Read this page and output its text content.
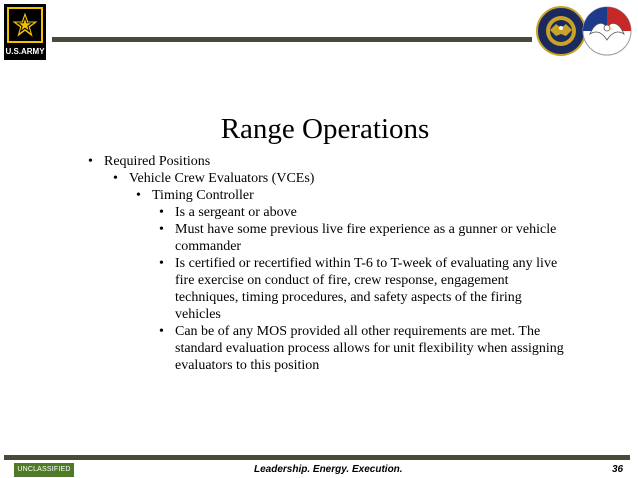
U.S.ARMY
Range Operations
• Required Positions
• Vehicle Crew Evaluators (VCEs)
• Timing Controller
• Is a sergeant or above
• Must have some previous live fire experience as a gunner or vehicle commander
• Is certified or recertified within T-6 to T-week of evaluating any live fire exercise on conduct of fire, crew response, engagement techniques, timing procedures, and safety aspects of the firing vehicles
• Can be of any MOS provided all other requirements are met. The standard evaluation process allows for unit flexibility when assigning evaluators to this position
UNCLASSIFIED	Leadership. Energy. Execution.	36
